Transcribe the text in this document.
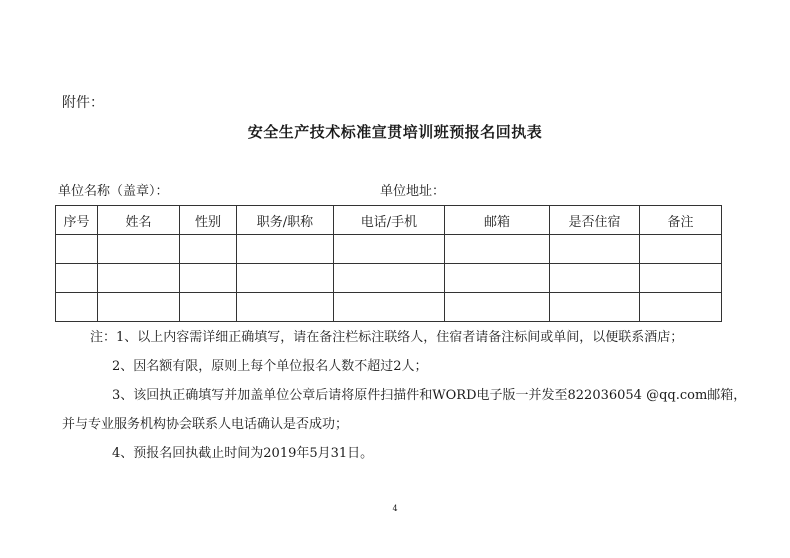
附件：
安全生产技术标准宣贯培训班预报名回执表
单位名称（盖章）：	单位地址：
序号	姓名	性别	职务/职称	电话/手机	邮箱	是否住宿	备注

注：1、以上内容需详细正确填写，请在备注栏标注联络人，住宿者请备注标间或单间，以便联系酒店；
2、因名额有限，原则上每个单位报名人数不超过2人；
3、该回执正确填写并加盖单位公章后请将原件扫描件和WORD电子版一并发至822036054 @qq.com邮箱，
并与专业服务机构协会联系人电话确认是否成功；
4、预报名回执截止时间为2019年5月31日。
4
